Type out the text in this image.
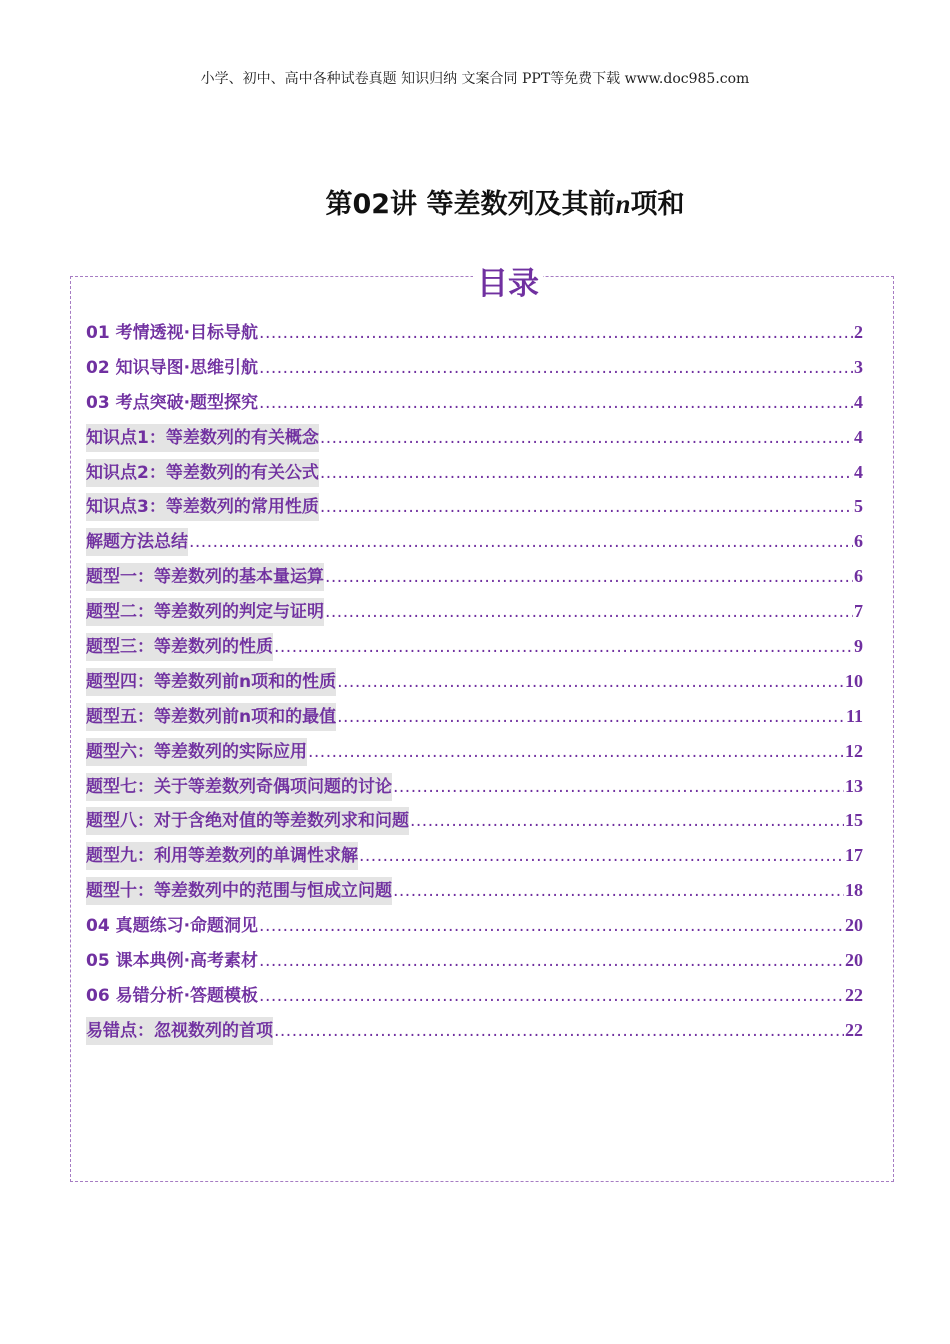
小学、初中、高中各种试卷真题 知识归纳 文案合同 PPT等免费下载 www.doc985.com
第02讲 等差数列及其前n项和
目录
01 考情透视·目标导航 .....	2
02 知识导图·思维引航 .....	3
03 考点突破·题型探究 .....	4
知识点1：等差数列的有关概念 .....	4
知识点2：等差数列的有关公式 .....	4
知识点3：等差数列的常用性质 .....	5
解题方法总结 .....	6
题型一：等差数列的基本量运算 .....	6
题型二：等差数列的判定与证明 .....	7
题型三：等差数列的性质 .....	9
题型四：等差数列前n项和的性质 .....	10
题型五：等差数列前n项和的最值 .....	11
题型六：等差数列的实际应用 .....	12
题型七：关于等差数列奇偶项问题的讨论 .....	13
题型八：对于含绝对值的等差数列求和问题 .....	15
题型九：利用等差数列的单调性求解 .....	17
题型十：等差数列中的范围与恒成立问题 .....	18
04 真题练习·命题洞见 .....	20
05 课本典例·高考素材 .....	20
06 易错分析·答题模板 .....	22
易错点：忽视数列的首项 .....	22
